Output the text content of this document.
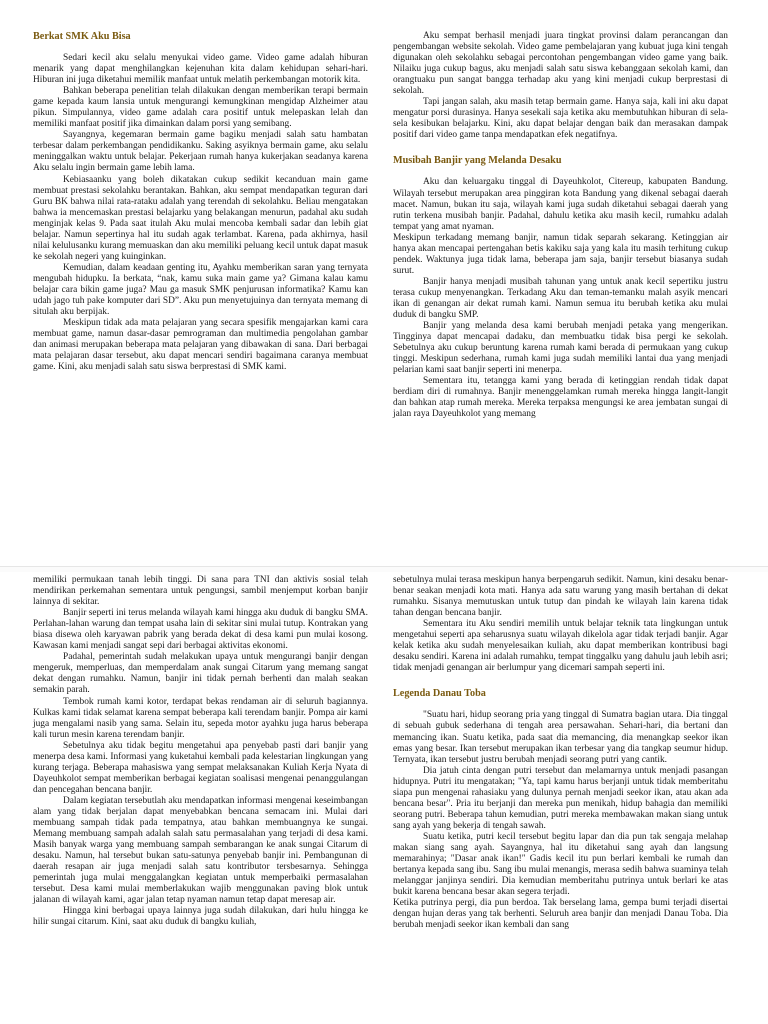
Berkat SMK Aku Bisa

Sedari kecil aku selalu menyukai video game. Video game adalah hiburan menarik yang dapat menghilangkan kejenuhan kita dalam kehidupan sehari-hari. Hiburan ini juga diketahui memilik manfaat untuk melatih perkembangan motorik kita.

Bahkan beberapa penelitian telah dilakukan dengan memberikan terapi bermain game kepada kaum lansia untuk mengurangi kemungkinan mengidap Alzheimer atau pikun. Simpulannya, video game adalah cara positif untuk melepaskan lelah dan memiliki manfaat positif jika dimainkan dalam porsi yang semibang.

Sayangnya, kegemaran bermain game bagiku menjadi salah satu hambatan terbesar dalam perkembangan pendidikanku. Saking asyiknya bermain game, aku selalu meninggalkan waktu untuk belajar. Pekerjaan rumah hanya kukerjakan seadanya karena Aku selalu ingin bermain game lebih lama.

Kebiasaanku yang boleh dikatakan cukup sedikit kecanduan main game membuat prestasi sekolahku berantakan. Bahkan, aku sempat mendapatkan teguran dari Guru BK bahwa nilai rata-rataku adalah yang terendah di sekolahku. Beliau mengatakan bahwa ia mencemaskan prestasi belajarku yang belakangan menurun, padahal aku sudah menginjak kelas 9. Pada saat itulah Aku mulai mencoba kembali sadar dan lebih giat belajar. Namun sepertinya hal itu sudah agak terlambat. Karena, pada akhirnya, hasil nilai kelulusanku kurang memuaskan dan aku memiliki peluang kecil untuk dapat masuk ke sekolah negeri yang kuinginkan.

Kemudian, dalam keadaan genting itu, Ayahku memberikan saran yang ternyata mengubah hidupku. Ia berkata, “nak, kamu suka main game ya? Gimana kalau kamu belajar cara bikin game juga? Mau ga masuk SMK penjurusan informatika? Kamu kan udah jago tuh pake komputer dari SD”. Aku pun menyetujuinya dan ternyata memang di situlah aku berpijak.

Meskipun tidak ada mata pelajaran yang secara spesifik mengajarkan kami cara membuat game, namun dasar-dasar pemrograman dan multimedia pengolahan gambar dan animasi merupakan beberapa mata pelajaran yang dibawakan di sana. Dari berbagai mata pelajaran dasar tersebut, aku dapat mencari sendiri bagaimana caranya membuat game. Kini, aku menjadi salah satu siswa berprestasi di SMK kami.

Aku sempat berhasil menjadi juara tingkat provinsi dalam perancangan dan pengembangan website sekolah. Video game pembelajaran yang kubuat juga kini tengah digunakan oleh sekolahku sebagai percontohan pengembangan video game yang baik. Nilaiku juga cukup bagus, aku menjadi salah satu siswa kebanggaan sekolah kami, dan orangtuaku pun sangat bangga terhadap aku yang kini menjadi cukup berprestasi di sekolah.

Tapi jangan salah, aku masih tetap bermain game. Hanya saja, kali ini aku dapat mengatur porsi durasinya. Hanya sesekali saja ketika aku membutuhkan hiburan di sela-sela kesibukan belajarku. Kini, aku dapat belajar dengan baik dan merasakan dampak positif dari video game tanpa mendapatkan efek negatifnya.

Musibah Banjir yang Melanda Desaku

Aku dan keluargaku tinggal di Dayeuhkolot, Citereup, kabupaten Bandung. Wilayah tersebut merupakan area pinggiran kota Bandung yang dikenal sebagai daerah macet. Namun, bukan itu saja, wilayah kami juga sudah diketahui sebagai daerah yang rutin terkena musibah banjir. Padahal, dahulu ketika aku masih kecil, rumahku adalah tempat yang amat nyaman.

Meskipun terkadang memang banjir, namun tidak separah sekarang. Ketinggian air hanya akan mencapai pertengahan betis kakiku saja yang kala itu masih terhitung cukup pendek. Waktunya juga tidak lama, beberapa jam saja, banjir tersebut biasanya sudah surut.

Banjir hanya menjadi musibah tahunan yang untuk anak kecil sepertiku justru terasa cukup menyenangkan. Terkadang Aku dan teman-temanku malah asyik mencari ikan di genangan air dekat rumah kami. Namun semua itu berubah ketika aku mulai duduk di bangku SMP.

Banjir yang melanda desa kami berubah menjadi petaka yang mengerikan. Tingginya dapat mencapai dadaku, dan membuatku tidak bisa pergi ke sekolah. Sebetulnya aku cukup beruntung karena rumah kami berada di permukaan yang cukup tinggi. Meskipun sederhana, rumah kami juga sudah memiliki lantai dua yang menjadi pelarian kami saat banjir seperti ini menerpa.

Sementara itu, tetangga kami yang berada di ketinggian rendah tidak dapat berdiam diri di rumahnya. Banjir menenggelamkan rumah mereka hingga langit-langit dan bahkan atap rumah mereka. Mereka terpaksa mengungsi ke area jembatan sungai di jalan raya Dayeuhkolot yang memang

memiliki permukaan tanah lebih tinggi. Di sana para TNI dan aktivis sosial telah mendirikan perkemahan sementara untuk pengungsi, sambil menjemput korban banjir lainnya di sekitar.

Banjir seperti ini terus melanda wilayah kami hingga aku duduk di bangku SMA. Perlahan-lahan warung dan tempat usaha lain di sekitar sini mulai tutup. Kontrakan yang biasa disewa oleh karyawan pabrik yang berada dekat di desa kami pun mulai kosong. Kawasan kami menjadi sangat sepi dari berbagai aktivitas ekonomi.

Padahal, pemerintah sudah melakukan upaya untuk mengurangi banjir dengan mengeruk, memperluas, dan memperdalam anak sungai Citarum yang memang sangat dekat dengan rumahku. Namun, banjir ini tidak pernah berhenti dan malah seakan semakin parah.

Tembok rumah kami kotor, terdapat bekas rendaman air di seluruh bagiannya. Kulkas kami tidak selamat karena sempat beberapa kali terendam banjir. Pompa air kami juga mengalami nasib yang sama. Selain itu, sepeda motor ayahku juga harus beberapa kali turun mesin karena terendam banjir.

Sebetulnya aku tidak begitu mengetahui apa penyebab pasti dari banjir yang menerpa desa kami. Informasi yang kuketahui kembali pada kelestarian lingkungan yang kurang terjaga. Beberapa mahasiswa yang sempat melaksanakan Kuliah Kerja Nyata di Dayeuhkolot sempat memberikan berbagai kegiatan soalisasi mengenai penanggulangan dan pencegahan bencana banjir.

Dalam kegiatan tersebutlah aku mendapatkan informasi mengenai keseimbangan alam yang tidak berjalan dapat menyebabkan bencana semacam ini. Mulai dari membuang sampah tidak pada tempatnya, atau bahkan membuangnya ke sungai. Memang membuang sampah adalah salah satu permasalahan yang terjadi di desa kami. Masih banyak warga yang membuang sampah sembarangan ke anak sungai Citarum di desaku. Namun, hal tersebut bukan satu-satunya penyebab banjir ini. Pembangunan di daerah resapan air juga menjadi salah satu kontributor tersbesarnya. Sehingga pemerintah juga mulai menggalangkan kegiatan untuk memperbaiki permasalahan tersebut. Desa kami mulai memberlakukan wajib menggunakan paving blok untuk jalanan di wilayah kami, agar jalan tetap nyaman namun tetap dapat meresap air.

Hingga kini berbagai upaya lainnya juga sudah dilakukan, dari hulu hingga ke hilir sungai citarum. Kini, saat aku duduk di bangku kuliah,

sebetulnya mulai terasa meskipun hanya berpengaruh sedikit. Namun, kini desaku benar-benar seakan menjadi kota mati. Hanya ada satu warung yang masih bertahan di dekat rumahku. Sisanya memutuskan untuk tutup dan pindah ke wilayah lain karena tidak tahan dengan bencana banjir.

Sementara itu Aku sendiri memilih untuk belajar teknik tata lingkungan untuk mengetahui seperti apa seharusnya suatu wilayah dikelola agar tidak terjadi banjir. Agar kelak ketika aku sudah menyelesaikan kuliah, aku dapat memberikan kontribusi bagi desaku sendiri. Karena ini adalah rumahku, tempat tinggalku yang dahulu jauh lebih asri; tidak menjadi genangan air berlumpur yang dicemari sampah seperti ini.

Legenda Danau Toba

"Suatu hari, hidup seorang pria yang tinggal di Sumatra bagian utara. Dia tinggal di sebuah gubuk sederhana di tengah area persawahan. Sehari-hari, dia bertani dan memancing ikan. Suatu ketika, pada saat dia memancing, dia menangkap seekor ikan emas yang besar. Ikan tersebut merupakan ikan terbesar yang dia tangkap seumur hidup. Ternyata, ikan tersebut justru berubah menjadi seorang putri yang cantik.

Dia jatuh cinta dengan putri tersebut dan melamarnya untuk menjadi pasangan hidupnya. Putri itu mengatakan; "Ya, tapi kamu harus berjanji untuk tidak memberitahu siapa pun mengenai rahasiaku yang dulunya pernah menjadi seekor ikan, atau akan ada bencana besar". Pria itu berjanji dan mereka pun menikah, hidup bahagia dan memiliki seorang putri. Beberapa tahun kemudian, putri mereka membawakan makan siang untuk sang ayah yang bekerja di tengah sawah.

Suatu ketika, putri kecil tersebut begitu lapar dan dia pun tak sengaja melahap makan siang sang ayah. Sayangnya, hal itu diketahui sang ayah dan langsung memarahinya; "Dasar anak ikan!" Gadis kecil itu pun berlari kembali ke rumah dan bertanya kepada sang ibu. Sang ibu mulai menangis, merasa sedih bahwa suaminya telah melanggar janjinya sendiri. Dia kemudian memberitahu putrinya untuk berlari ke atas bukit karena bencana besar akan segera terjadi.

Ketika putrinya pergi, dia pun berdoa. Tak berselang lama, gempa bumi terjadi disertai dengan hujan deras yang tak berhenti. Seluruh area banjir dan menjadi Danau Toba. Dia berubah menjadi seekor ikan kembali dan sang
